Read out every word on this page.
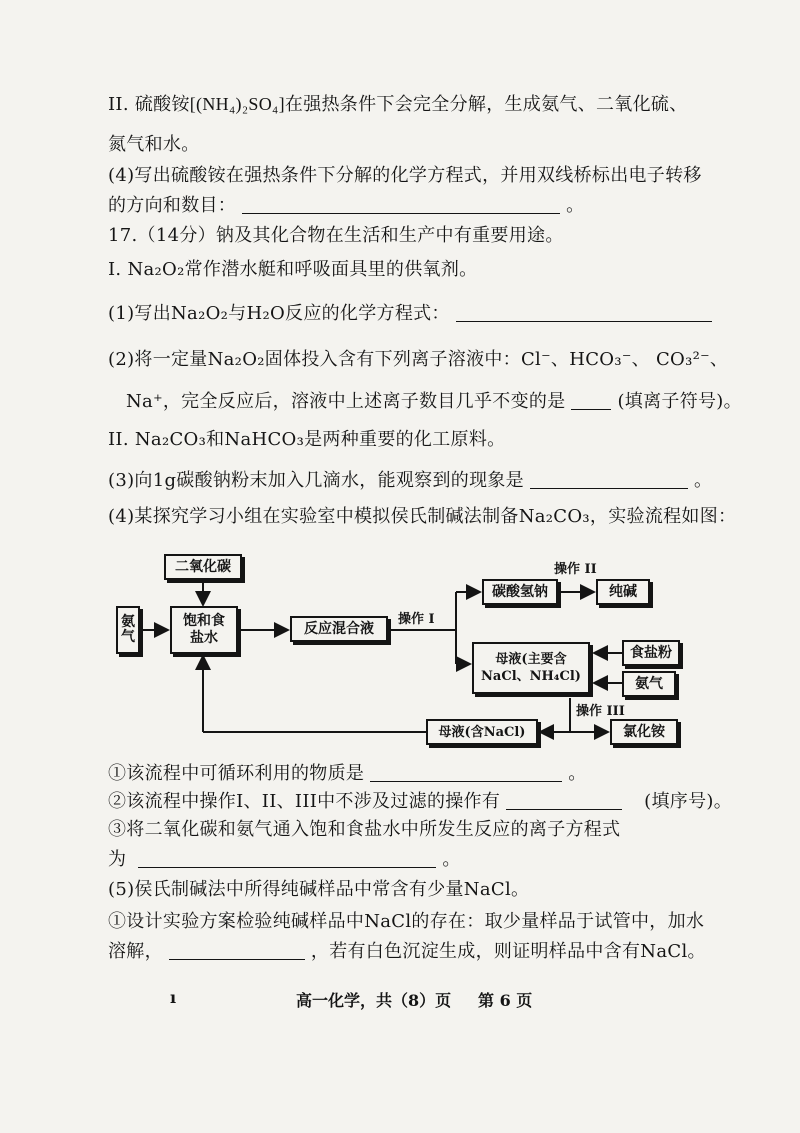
II. 硫酸铵[(NH₄)₂SO₄]在强热条件下会完全分解，生成氨气、二氧化硫、
氮气和水。
(4)写出硫酸铵在强热条件下分解的化学方程式，并用双线桥标出电子转移
的方向和数目：	。
17.（14分）钠及其化合物在生活和生产中有重要用途。
I. Na₂O₂常作潜水艇和呼吸面具里的供氧剂。
(1)写出Na₂O₂与H₂O反应的化学方程式：
(2)将一定量Na₂O₂固体投入含有下列离子溶液中：Cl⁻、HCO₃⁻、 CO₃²⁻、
Na⁺，完全反应后，溶液中上述离子数目几乎不变的是	(填离子符号)。
II. Na₂CO₃和NaHCO₃是两种重要的化工原料。
(3)向1g碳酸钠粉末加入几滴水，能观察到的现象是	。
(4)某探究学习小组在实验室中模拟侯氏制碱法制备Na₂CO₃，实验流程如图：
二氧化碳
氨气
饱和食盐水
反应混合液
操作 I
碳酸氢钠
操作 II
纯碱
母液(主要含NaCl、NH₄Cl)
食盐粉
氨气
操作 III
氯化铵
母液(含NaCl)
①该流程中可循环利用的物质是	。
②该流程中操作I、II、III中不涉及过滤的操作有	(填序号)。
③将二氧化碳和氨气通入饱和食盐水中所发生反应的离子方程式
为	。
(5)侯氏制碱法中所得纯碱样品中常含有少量NaCl。
①设计实验方案检验纯碱样品中NaCl的存在：取少量样品于试管中，加水
溶解，	，若有白色沉淀生成，则证明样品中含有NaCl。
ı	高一化学，共（8）页 第 6 页
